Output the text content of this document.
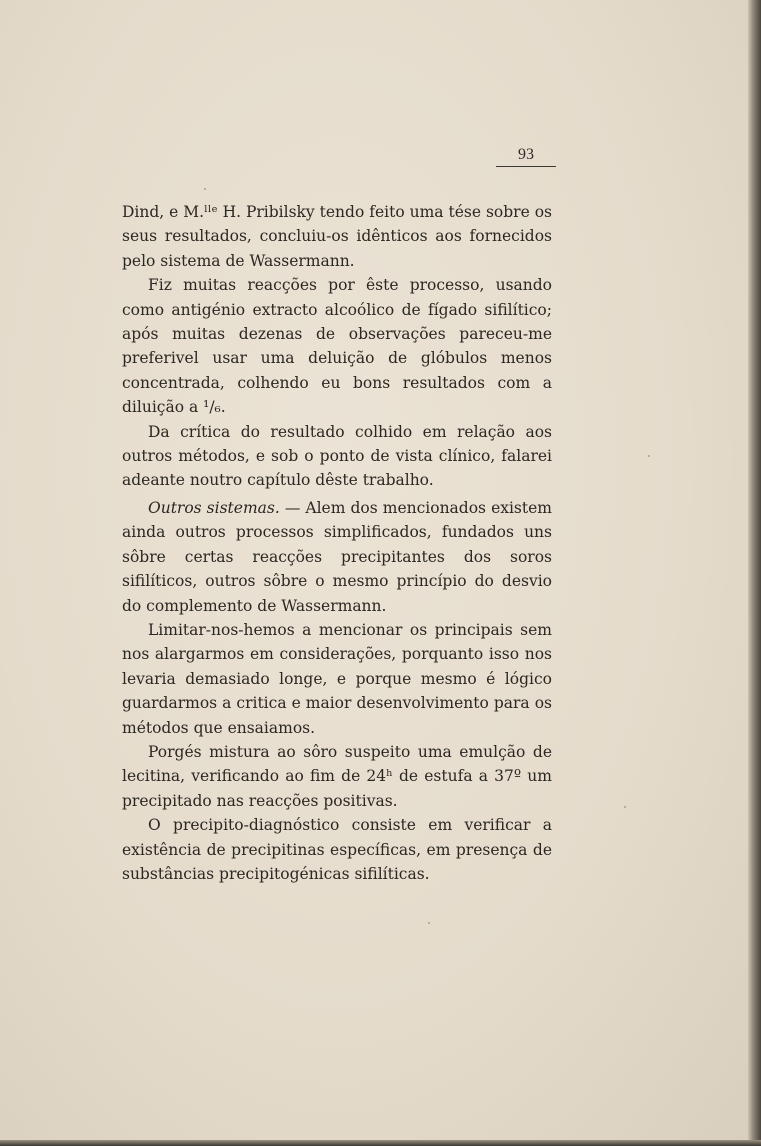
93

Dind, e M.ˡˡᵉ H. Pribilsky tendo feito uma tése sobre os seus resultados, concluiu-os idênticos aos fornecidos pelo sistema de Wassermann.

Fiz muitas reacções por êste processo, usando como antigénio extracto alcoólico de fígado sifilítico; após muitas dezenas de observações pareceu-me preferivel usar uma deluição de glóbulos menos concentrada, colhendo eu bons resultados com a diluição a ¹/₆.

Da crítica do resultado colhido em relação aos outros métodos, e sob o ponto de vista clínico, falarei adeante noutro capítulo dêste trabalho.

Outros sistemas. — Alem dos mencionados existem ainda outros processos simplificados, fundados uns sôbre certas reacções precipitantes dos soros sifilíticos, outros sôbre o mesmo princípio do desvio do complemento de Wassermann.

Limitar-nos-hemos a mencionar os principais sem nos alargarmos em considerações, porquanto isso nos levaria demasiado longe, e porque mesmo é lógico guardarmos a critica e maior desenvolvimento para os métodos que ensaiamos.

Porgés mistura ao sôro suspeito uma emulção de lecitina, verificando ao fim de 24ʰ de estufa a 37º um precipitado nas reacções positivas.

O precipito-diagnóstico consiste em verificar a existência de precipitinas específicas, em presença de substâncias precipitogénicas sifilíticas.
